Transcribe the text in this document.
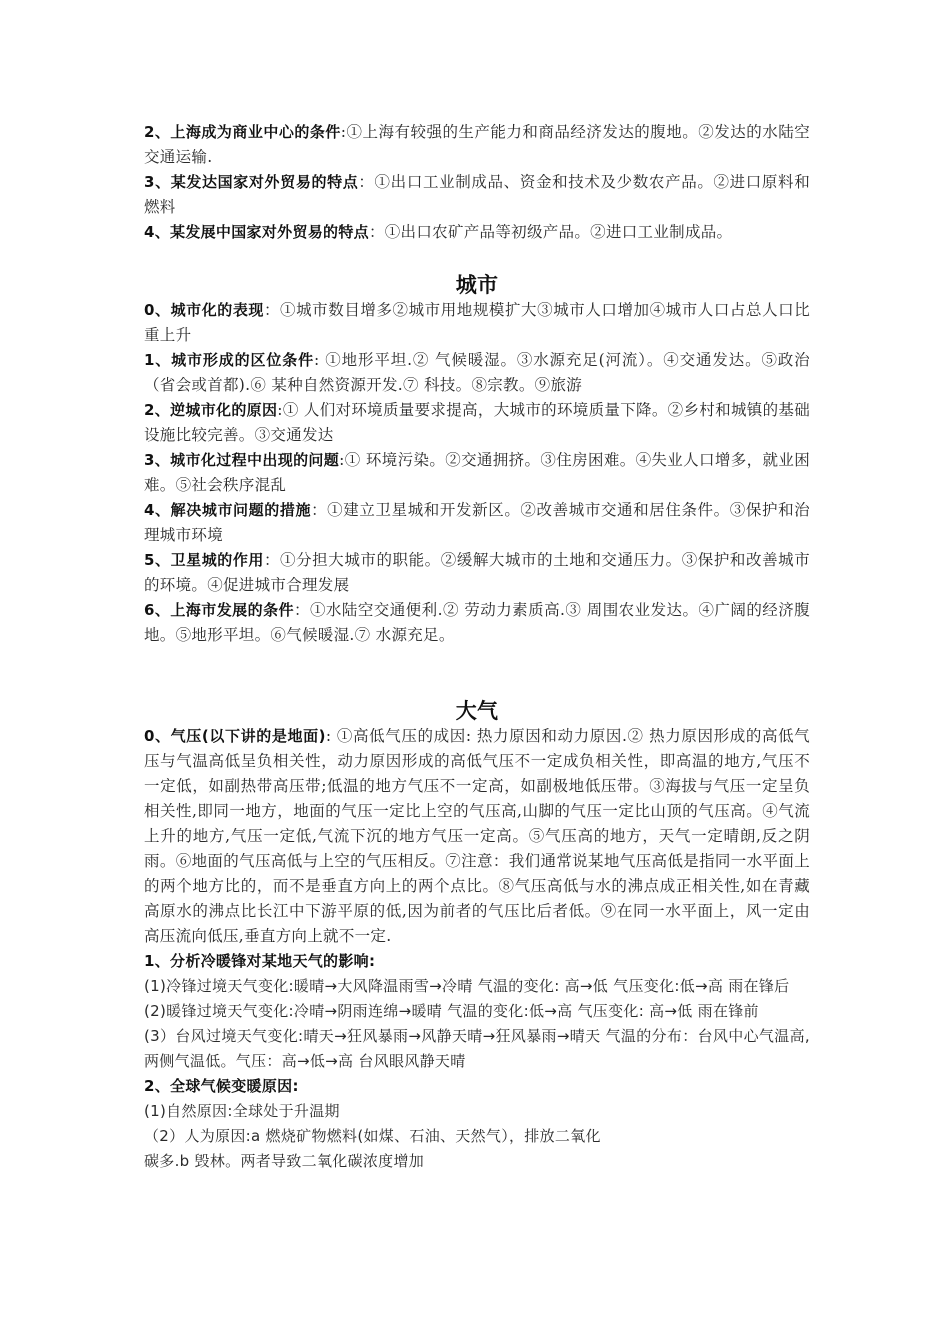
2、上海成为商业中心的条件:①上海有较强的生产能力和商品经济发达的腹地。②发达的水陆空交通运输.

3、某发达国家对外贸易的特点：①出口工业制成品、资金和技术及少数农产品。②进口原料和燃料

4、某发展中国家对外贸易的特点：①出口农矿产品等初级产品。②进口工业制成品。

城市

0、城市化的表现：①城市数目增多②城市用地规模扩大③城市人口增加④城市人口占总人口比重上升

1、城市形成的区位条件: ①地形平坦.② 气候暖湿。③水源充足(河流）。④交通发达。⑤政治（省会或首都).⑥ 某种自然资源开发.⑦ 科技。⑧宗教。⑨旅游

2、逆城市化的原因:① 人们对环境质量要求提高，大城市的环境质量下降。②乡村和城镇的基础设施比较完善。③交通发达

3、城市化过程中出现的问题:① 环境污染。②交通拥挤。③住房困难。④失业人口增多，就业困难。⑤社会秩序混乱

4、解决城市问题的措施：①建立卫星城和开发新区。②改善城市交通和居住条件。③保护和治理城市环境

5、卫星城的作用：①分担大城市的职能。②缓解大城市的土地和交通压力。③保护和改善城市的环境。④促进城市合理发展

6、上海市发展的条件：①水陆空交通便利.② 劳动力素质高.③ 周围农业发达。④广阔的经济腹地。⑤地形平坦。⑥气候暖湿.⑦ 水源充足。

大气

0、气压(以下讲的是地面): ①高低气压的成因: 热力原因和动力原因.② 热力原因形成的高低气压与气温高低呈负相关性，动力原因形成的高低气压不一定成负相关性，即高温的地方,气压不一定低，如副热带高压带;低温的地方气压不一定高，如副极地低压带。③海拔与气压一定呈负相关性,即同一地方，地面的气压一定比上空的气压高,山脚的气压一定比山顶的气压高。④气流上升的地方,气压一定低,气流下沉的地方气压一定高。⑤气压高的地方，天气一定晴朗,反之阴雨。⑥地面的气压高低与上空的气压相反。⑦注意：我们通常说某地气压高低是指同一水平面上的两个地方比的，而不是垂直方向上的两个点比。⑧气压高低与水的沸点成正相关性,如在青藏高原水的沸点比长江中下游平原的低,因为前者的气压比后者低。⑨在同一水平面上，风一定由高压流向低压,垂直方向上就不一定.

1、分析冷暖锋对某地天气的影响:

(1)冷锋过境天气变化:暖晴→大风降温雨雪→冷晴 气温的变化: 高→低 气压变化:低→高 雨在锋后

(2)暖锋过境天气变化:冷晴→阴雨连绵→暖晴 气温的变化:低→高 气压变化: 高→低 雨在锋前

(3）台风过境天气变化:晴天→狂风暴雨→风静天晴→狂风暴雨→晴天 气温的分布：台风中心气温高,两侧气温低。气压：高→低→高 台风眼风静天晴

2、全球气候变暖原因:

(1)自然原因:全球处于升温期

（2）人为原因:a 燃烧矿物燃料(如煤、石油、天然气），排放二氧化

碳多.b 毁林。两者导致二氧化碳浓度增加
